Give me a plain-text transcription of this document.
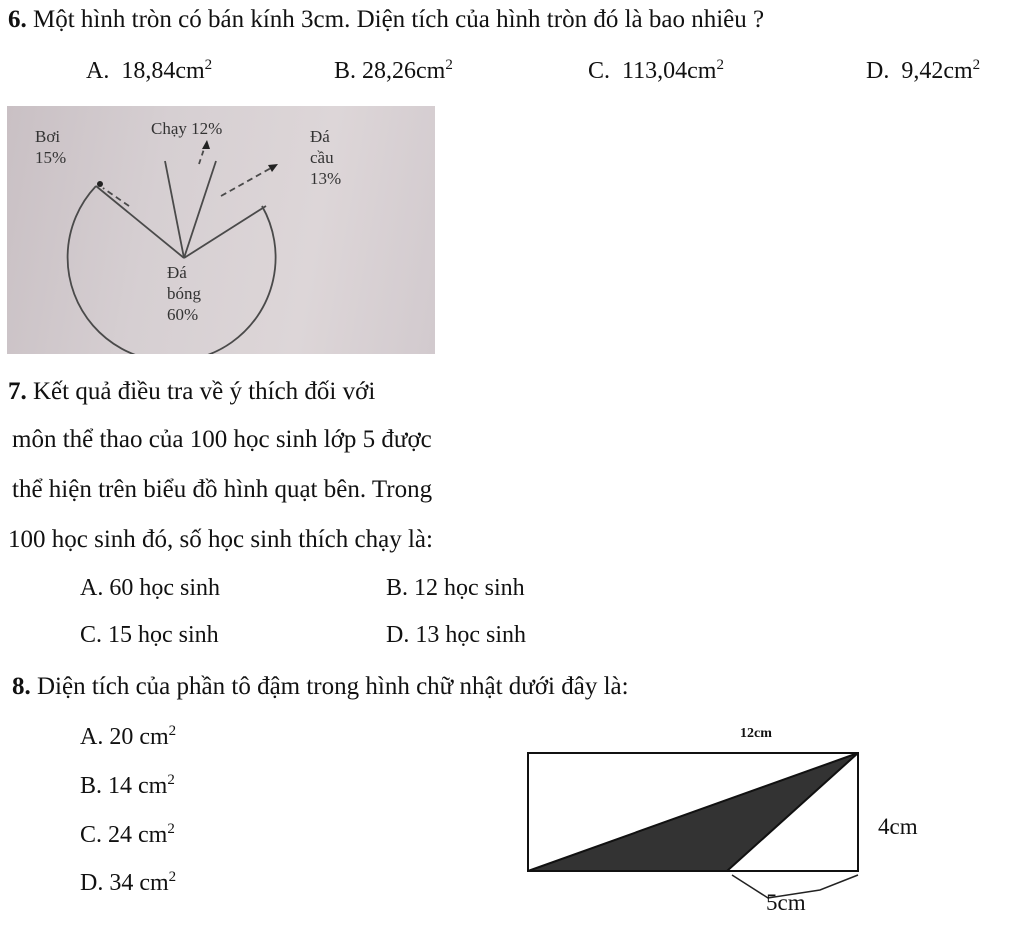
6. Một hình tròn có bán kính 3cm. Diện tích của hình tròn đó là bao nhiêu ?
A. $18,84cm^2$	B. $28,26cm^2$	C. $113,04cm^2$	D. $9,42cm^2$
Bơi
15%
Chạy 12%	Đá
cầu
13%
Đá
bóng
60%
7. Kết quả điều tra về ý thích đối với
môn thể thao của 100 học sinh lớp 5 được
thể hiện trên biểu đồ hình quạt bên. Trong
100 học sinh đó, số học sinh thích chạy là:
A. 60 học sinh	B. 12 học sinh
C. 15 học sinh	D. 13 học sinh
8. Diện tích của phần tô đậm trong hình chữ nhật dưới đây là:
A. 20 $cm^2$
B. 14 $cm^2$
C. 24 $cm^2$
D. 34 $cm^2$
12cm
4cm
5cm
